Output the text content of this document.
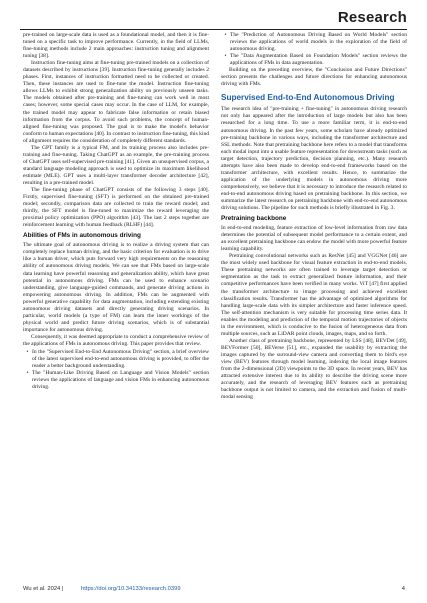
Research

pre-trained on large-scale data is used as a foundational model, and then it is fine-tuned on a specific task to improve performance. Currently, in the field of LLMs, fine-tuning methods include 2 main approaches: instruction tuning and alignment tuning [38].

Instruction fine-tuning aims at fine-tuning pre-trained models on a collection of datasets described by instructions [39]. Instruction fine-tuning generally includes 2 phases. First, instances of instruction formatted need to be collected or created. Then, these instances are used to fine-tune the model. Instruction fine-tuning allows LLMs to exhibit strong generalization ability on previously unseen tasks. The models obtained after pre-training and fine-tuning can work well in most cases; however, some special cases may occur. In the case of LLM, for example, the trained model may appear to fabricate false information or retain biased information from the corpus. To avoid such problems, the concept of human-aligned fine-tuning was proposed. The goal is to make the model's behavior conform to human expectations [40]. In contrast to instruction fine-tuning, this kind of alignment requires the consideration of completely different standards.

The GPT family is a typical FM, and its training process also includes pre-training and fine-tuning. Taking ChatGPT as an example, the pre-training process of ChatGPT uses self-supervised pre-training [41]. Given an unsupervised corpus, a standard language modeling approach is used to optimize its maximum likelihood estimate (MLE). GPT uses a multi-layer transformer decoder architecture [42], resulting in a pre-trained model.

The fine-tuning phase of ChatGPT consists of the following 3 steps [40]. Firstly, supervised fine-tuning (SFT) is performed on the obtained pre-trained model; secondly, comparison data are collected to train the reward model; and thirdly, the SFT model is fine-tuned to maximize the reward leveraging the proximal policy optimization (PPO) algorithm [43]. The last 2 steps together are reinforcement learning with human feedback (RLHF) [44].

Abilities of FMs in autonomous driving

The ultimate goal of autonomous driving is to realize a driving system that can completely replace human driving, and the basic criterion for evaluation is to drive like a human driver, which puts forward very high requirements on the reasoning ability of autonomous driving models. We can see that FMs based on large-scale data learning have powerful reasoning and generalization ability, which have great potential in autonomous driving. FMs can be used to enhance scenario understanding, give language-guided commands, and generate driving actions in empowering autonomous driving. In addition, FMs can be augmented with powerful generative capability for data augmentation, including extending existing autonomous driving datasets and directly generating driving scenarios. In particular, world models (a type of FM) can learn the inner workings of the physical world and predict future driving scenarios, which is of substantial importance for autonomous driving.

Consequently, it was deemed appropriate to conduct a comprehensive review of the applications of FMs in autonomous driving. This paper provides that review.

• In the "Supervised End-to-End Autonomous Driving" section, a brief overview of the latest supervised end-to-end autonomous driving is provided, to offer the reader a better background understanding.
• The "Human-Like Driving Based on Language and Vision Models" section reviews the applications of language and vision FMs in enhancing autonomous driving.
• The "Prediction of Autonomous Driving Based on World Models" section reviews the applications of world models in the exploration of the field of autonomous driving.
• The "Data Augmentation Based on Foundation Models" section reviews the applications of FMs in data augmentation.

Building on the preceding overview, the "Conclusion and Future Directions" section presents the challenges and future directions for enhancing autonomous driving with FMs.

Supervised End-to-End Autonomous Driving

The research idea of "pre-training + fine-tuning" in autonomous driving research not only has appeared after the introduction of large models but also has been researched for a long time. To use a more familiar term, it is end-to-end autonomous driving. In the past few years, some scholars have already optimized pre-training backbone in various ways, including the transformer architecture and SSL methods. Note that pretraining backbone here refers to a model that transforms each modal input into a usable feature representation for downstream tasks (such as target detection, trajectory prediction, decision planning, etc.). Many research attempts have also been made to develop end-to-end frameworks based on the transformer architecture, with excellent results. Hence, to summarize the application of the underlying models in autonomous driving more comprehensively, we believe that it is necessary to introduce the research related to end-to-end autonomous driving based on pretraining backbone. In this section, we summarize the latest research on pretraining backbone with end-to-end autonomous driving solutions. The pipeline for such methods is briefly illustrated in Fig. 3.

Pretraining backbone

In end-to-end modeling, feature extraction of low-level information from raw data determines the potential of subsequent model performance to a certain extent, and an excellent pretraining backbone can endow the model with more powerful feature learning capability.

Pretraining convolutional networks such as ResNet [45] and VGGNet [46] are the most widely used backbone for visual feature extraction in end-to-end models. These pretraining networks are often trained to leverage target detection or segmentation as the task to extract generalized feature information, and their competitive performances have been verified in many works. ViT [47] first applied the transformer architecture to image processing and achieved excellent classification results. Transformer has the advantage of optimized algorithms for handling large-scale data with its simpler architecture and faster inference speed. The self-attention mechanism is very suitable for processing time series data. It enables the modeling and prediction of the temporal motion trajectories of objects in the environment, which is conducive to the fusion of heterogeneous data from multiple sources, such as LiDAR point clouds, images, maps, and so forth.

Another class of pretraining backbone, represented by LSS [48], BEVDet [49], BEVFormer [50], BEVerse [51], etc., expanded the usability by extracting the images captured by the surround-view camera and converting them to bird's eye view (BEV) features through model learning, indexing the local image features from the 2-dimensional (2D) viewpoints to the 3D space. In recent years, BEV has attracted extensive interest due to its ability to describe the driving scene more accurately, and the research of leveraging BEV features such as pretraining backbone output is not limited to camera, and the extraction and fusion of multi-modal sensing

Wu et al. 2024 |	https://doi.org/10.34133/research.0399	4
